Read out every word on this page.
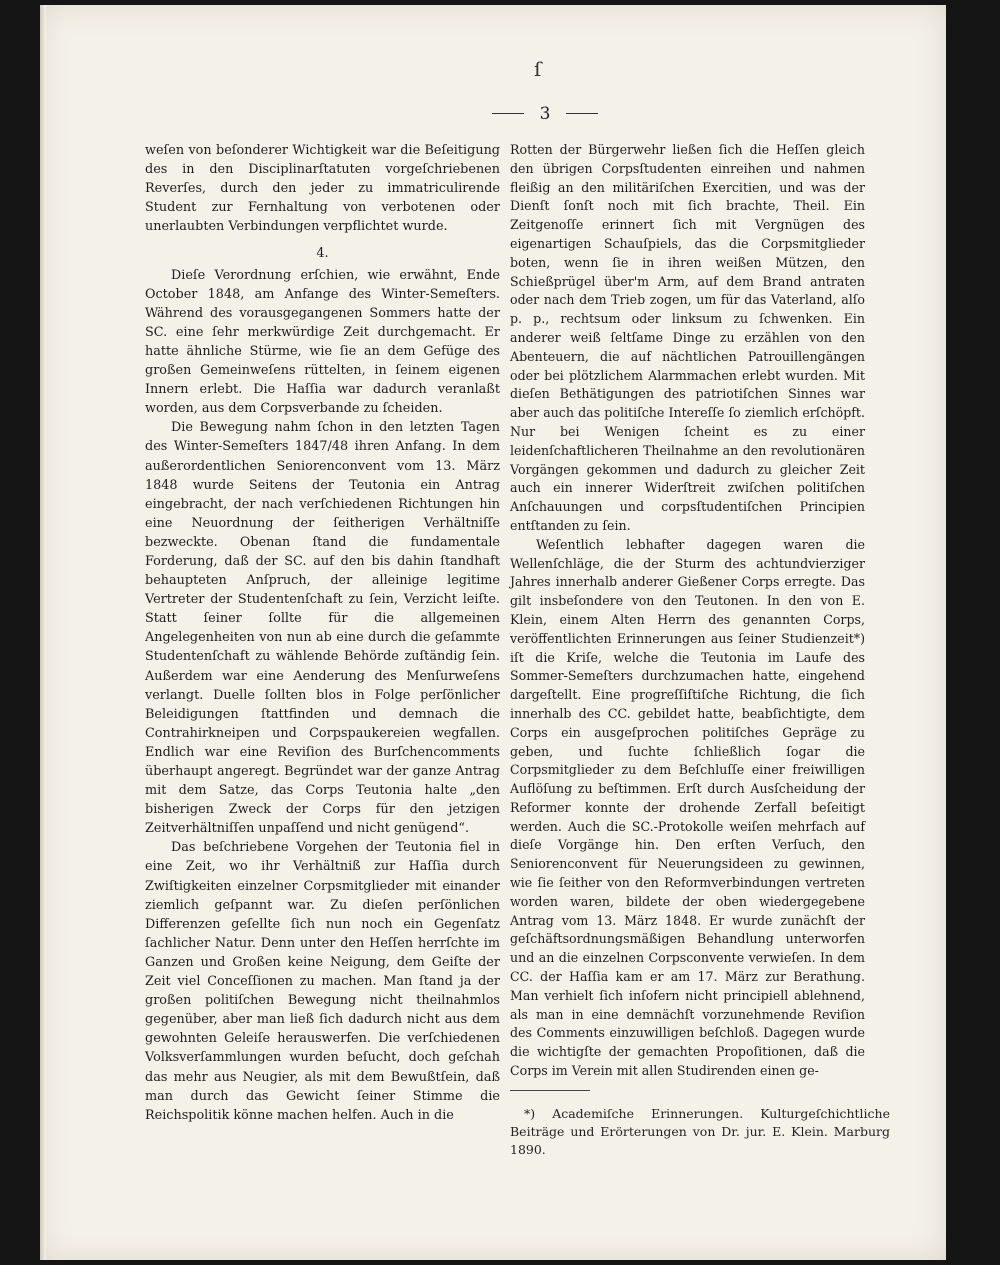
ſ
3

weſen von beſonderer Wichtigkeit war die Beſeitigung des in den Disciplinarſtatuten vorgeſchriebenen Reverſes, durch den jeder zu immatriculirende Student zur Fernhaltung von verbotenen oder unerlaubten Verbindungen verpflichtet wurde.

4.

Dieſe Verordnung erſchien, wie erwähnt, Ende October 1848, am Anfange des Winter-Semeſters. Während des vorausgegangenen Sommers hatte der SC. eine ſehr merkwürdige Zeit durchgemacht. Er hatte ähnliche Stürme, wie ſie an dem Gefüge des großen Gemeinweſens rüttelten, in ſeinem eigenen Innern erlebt. Die Haſſia war dadurch veranlaßt worden, aus dem Corpsverbande zu ſcheiden.

Die Bewegung nahm ſchon in den letzten Tagen des Winter-Semeſters 1847/48 ihren Anfang. In dem außerordentlichen Seniorenconvent vom 13. März 1848 wurde Seitens der Teutonia ein Antrag eingebracht, der nach verſchiedenen Richtungen hin eine Neuordnung der ſeitherigen Verhältniſſe bezweckte. Obenan ſtand die fundamentale Forderung, daß der SC. auf den bis dahin ſtandhaft behaupteten Anſpruch, der alleinige legitime Vertreter der Studentenſchaft zu ſein, Verzicht leiſte. Statt ſeiner ſollte für die allgemeinen Angelegenheiten von nun ab eine durch die geſammte Studentenſchaft zu wählende Behörde zuſtändig ſein. Außerdem war eine Aenderung des Menſurweſens verlangt. Duelle ſollten blos in Folge perſönlicher Beleidigungen ſtattfinden und demnach die Contrahirkneipen und Corpspaukereien wegfallen. Endlich war eine Reviſion des Burſchencomments überhaupt angeregt. Begründet war der ganze Antrag mit dem Satze, das Corps Teutonia halte „den bisherigen Zweck der Corps für den jetzigen Zeitverhältniſſen unpaſſend und nicht genügend“.

Das beſchriebene Vorgehen der Teutonia fiel in eine Zeit, wo ihr Verhältniß zur Haſſia durch Zwiſtigkeiten einzelner Corpsmitglieder mit einander ziemlich geſpannt war. Zu dieſen perſönlichen Differenzen geſellte ſich nun noch ein Gegenſatz ſachlicher Natur. Denn unter den Heſſen herrſchte im Ganzen und Großen keine Neigung, dem Geiſte der Zeit viel Conceſſionen zu machen. Man ſtand ja der großen politiſchen Bewegung nicht theilnahmlos gegenüber, aber man ließ ſich dadurch nicht aus dem gewohnten Geleiſe herauswerfen. Die verſchiedenen Volksverſammlungen wurden beſucht, doch geſchah das mehr aus Neugier, als mit dem Bewußtſein, daß man durch das Gewicht ſeiner Stimme die Reichspolitik könne machen helfen. Auch in die

Rotten der Bürgerwehr ließen ſich die Heſſen gleich den übrigen Corpsſtudenten einreihen und nahmen fleißig an den militäriſchen Exercitien, und was der Dienſt ſonſt noch mit ſich brachte, Theil. Ein Zeitgenoſſe erinnert ſich mit Vergnügen des eigenartigen Schauſpiels, das die Corpsmitglieder boten, wenn ſie in ihren weißen Mützen, den Schießprügel über'm Arm, auf dem Brand antraten oder nach dem Trieb zogen, um für das Vaterland, alſo p. p., rechtsum oder linksum zu ſchwenken. Ein anderer weiß ſeltſame Dinge zu erzählen von den Abenteuern, die auf nächtlichen Patrouillengängen oder bei plötzlichem Alarmmachen erlebt wurden. Mit dieſen Bethätigungen des patriotiſchen Sinnes war aber auch das politiſche Intereſſe ſo ziemlich erſchöpft. Nur bei Wenigen ſcheint es zu einer leidenſchaftlicheren Theilnahme an den revolutionären Vorgängen gekommen und dadurch zu gleicher Zeit auch ein innerer Widerſtreit zwiſchen politiſchen Anſchauungen und corpsſtudentiſchen Principien entſtanden zu ſein.

Weſentlich lebhafter dagegen waren die Wellenſchläge, die der Sturm des achtundvierziger Jahres innerhalb anderer Gießener Corps erregte. Das gilt insbeſondere von den Teutonen. In den von E. Klein, einem Alten Herrn des genannten Corps, veröffentlichten Erinnerungen aus ſeiner Studienzeit*) iſt die Kriſe, welche die Teutonia im Laufe des Sommer-Semeſters durchzumachen hatte, eingehend dargeſtellt. Eine progreſſiſtiſche Richtung, die ſich innerhalb des CC. gebildet hatte, beabſichtigte, dem Corps ein ausgeſprochen politiſches Gepräge zu geben, und ſuchte ſchließlich ſogar die Corpsmitglieder zu dem Beſchluſſe einer freiwilligen Auflöſung zu beſtimmen. Erſt durch Ausſcheidung der Reformer konnte der drohende Zerfall beſeitigt werden. Auch die SC.-Protokolle weiſen mehrfach auf dieſe Vorgänge hin. Den erſten Verſuch, den Seniorenconvent für Neuerungsideen zu gewinnen, wie ſie ſeither von den Reformverbindungen vertreten worden waren, bildete der oben wiedergegebene Antrag vom 13. März 1848. Er wurde zunächſt der geſchäftsordnungsmäßigen Behandlung unterworfen und an die einzelnen Corpsconvente verwieſen. In dem CC. der Haſſia kam er am 17. März zur Berathung. Man verhielt ſich inſofern nicht principiell ablehnend, als man in eine demnächſt vorzunehmende Reviſion des Comments einzuwilligen beſchloß. Dagegen wurde die wichtigſte der gemachten Propoſitionen, daß die Corps im Verein mit allen Studirenden einen ge-

*) Academiſche Erinnerungen. Kulturgeſchichtliche Beiträge und Erörterungen von Dr. jur. E. Klein. Marburg 1890.
